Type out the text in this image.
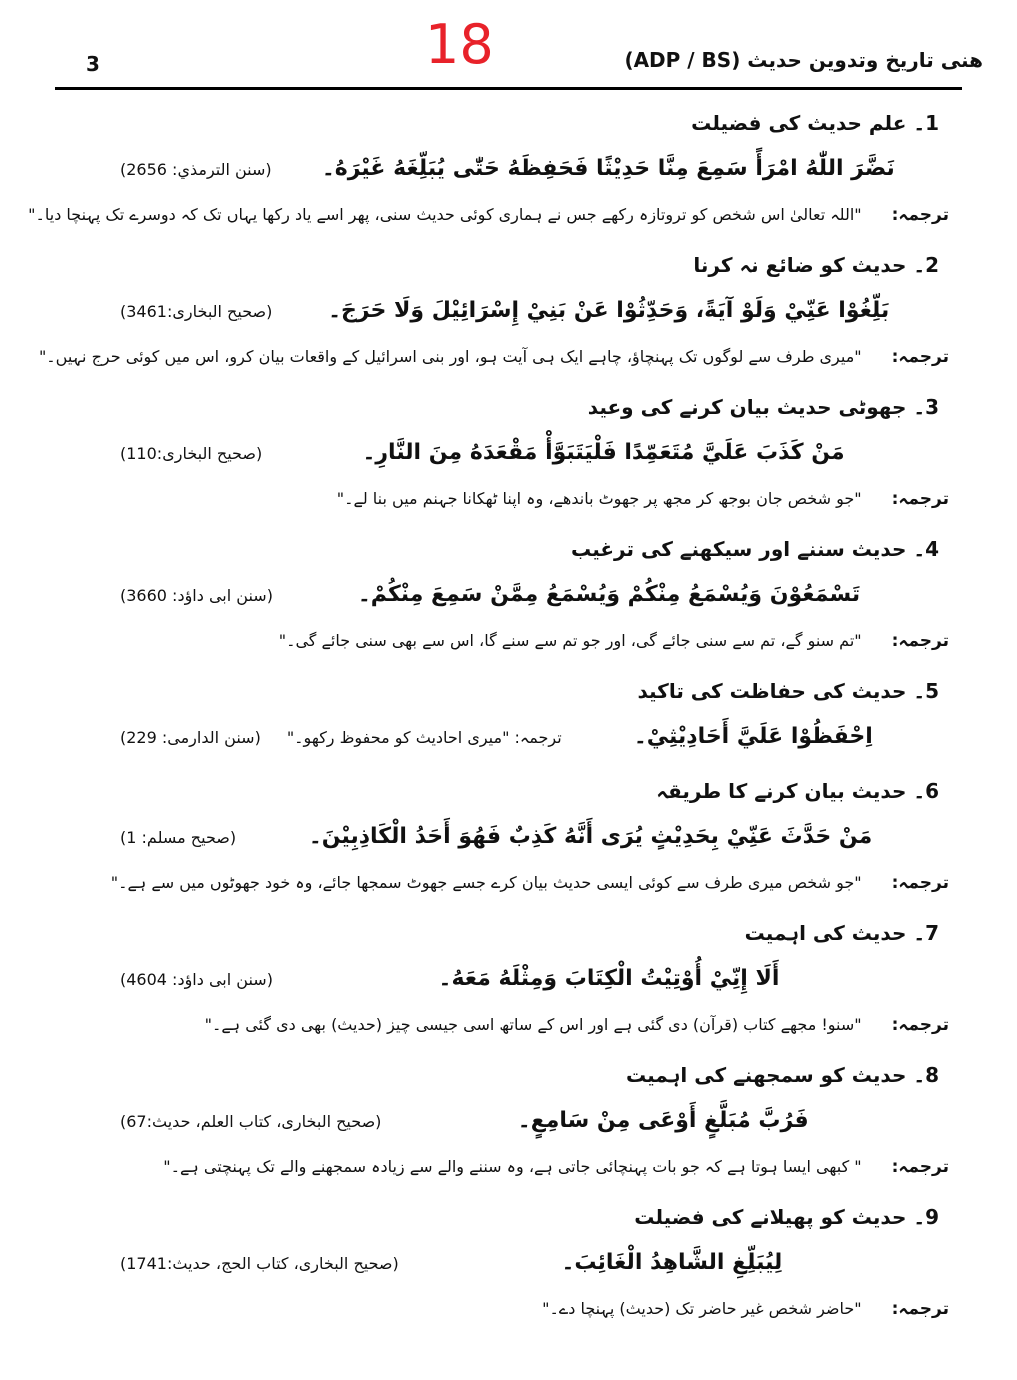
3	18	ھنی تاریخ وتدوین حدیث (ADP / BS)
1۔ علم حدیث کی فضیلت
نَضَّرَ اللّٰهُ امْرَأً سَمِعَ مِنَّا حَدِيْثًا فَحَفِظَهُ حَتّٰى يُبَلِّغَهُ غَيْرَهُ۔
(سنن الترمذي: 2656)
ترجمہ:
"اللہ تعالیٰ اس شخص کو تروتازہ رکھے جس نے ہماری کوئی حدیث سنی، پھر اسے یاد رکھا یہاں تک کہ دوسرے تک پہنچا دیا۔"
2۔ حدیث کو ضائع نہ کرنا
بَلِّغُوْا عَنِّيْ وَلَوْ آيَةً، وَحَدِّثُوْا عَنْ بَنِيْ إِسْرَائِيْلَ وَلَا حَرَجَ۔
(صحیح البخاری:3461)
ترجمہ:
"میری طرف سے لوگوں تک پہنچاؤ، چاہے ایک ہی آیت ہو، اور بنی اسرائیل کے واقعات بیان کرو، اس میں کوئی حرج نہیں۔"
3۔ جھوٹی حدیث بیان کرنے کی وعید
مَنْ كَذَبَ عَلَيَّ مُتَعَمِّدًا فَلْيَتَبَوَّأْ مَقْعَدَهُ مِنَ النَّارِ۔
(صحیح البخاری:110)
ترجمہ:
"جو شخص جان بوجھ کر مجھ پر جھوٹ باندھے، وہ اپنا ٹھکانا جہنم میں بنا لے۔"
4۔ حدیث سننے اور سیکھنے کی ترغیب
تَسْمَعُوْنَ وَيُسْمَعُ مِنْكُمْ وَيُسْمَعُ مِمَّنْ سَمِعَ مِنْكُمْ۔
(سنن ابی داؤد: 3660)
ترجمہ:
"تم سنو گے، تم سے سنی جائے گی، اور جو تم سے سنے گا، اس سے بھی سنی جائے گی۔"
5۔ حدیث کی حفاظت کی تاکید
اِحْفَظُوْا عَلَيَّ أَحَادِيْثِيْ۔
ترجمہ: "میری احادیث کو محفوظ رکھو۔"
(سنن الدارمی: 229)
6۔ حدیث بیان کرنے کا طریقہ
مَنْ حَدَّثَ عَنِّيْ بِحَدِيْثٍ يُرَى أَنَّهُ كَذِبٌ فَهُوَ أَحَدُ الْكَاذِبِيْنَ۔
(صحیح مسلم: 1)
ترجمہ:
"جو شخص میری طرف سے کوئی ایسی حدیث بیان کرے جسے جھوٹ سمجھا جائے، وہ خود جھوٹوں میں سے ہے۔"
7۔ حدیث کی اہمیت
أَلَا إِنِّيْ أُوْتِيْتُ الْكِتَابَ وَمِثْلَهُ مَعَهُ۔
(سنن ابی داؤد: 4604)
ترجمہ:
"سنو! مجھے کتاب (قرآن) دی گئی ہے اور اس کے ساتھ اسی جیسی چیز (حدیث) بھی دی گئی ہے۔"
8۔ حدیث کو سمجھنے کی اہمیت
فَرُبَّ مُبَلَّغٍ أَوْعَى مِنْ سَامِعٍ۔
(صحیح البخاری، کتاب العلم، حدیث:67)
ترجمہ:
" کبھی ایسا ہوتا ہے کہ جو بات پہنچائی جاتی ہے، وہ سننے والے سے زیادہ سمجھنے والے تک پہنچتی ہے۔"
9۔ حدیث کو پھیلانے کی فضیلت
لِيُبَلِّغِ الشَّاهِدُ الْغَائِبَ۔
(صحیح البخاری، کتاب الحج، حدیث:1741)
ترجمہ:
"حاضر شخص غیر حاضر تک (حدیث) پہنچا دے۔"
